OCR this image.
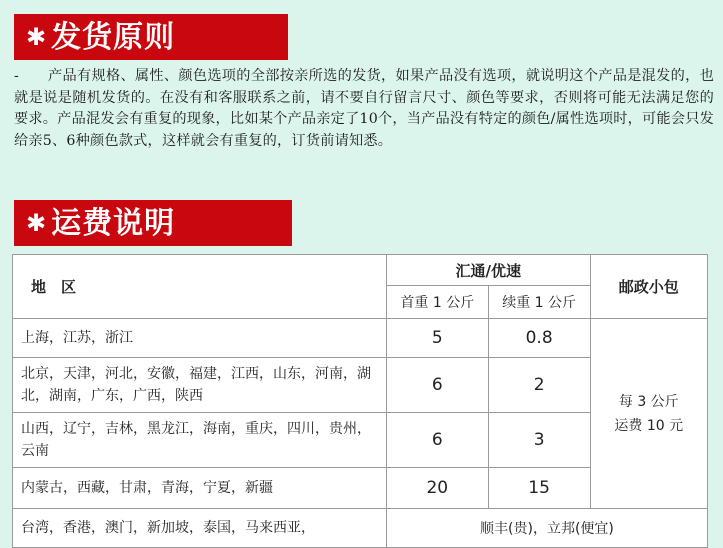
✱ 发货原则

-　　产品有规格、属性、颜色选项的全部按亲所选的发货，如果产品没有选项，就说明这个产品是混发的，也就是说是随机发货的。在没有和客服联系之前，请不要自行留言尺寸、颜色等要求，否则将可能无法满足您的要求。产品混发会有重复的现象，比如某个产品亲定了10个，当产品没有特定的颜色/属性选项时，可能会只发给亲5、6种颜色款式，这样就会有重复的，订货前请知悉。

✱ 运费说明
地　区	汇通/优速		邮政小包
	首重 1 公斤	续重 1 公斤	
上海，江苏，浙江	5	0.8	每 3 公斤
运费 10 元
北京，天津，河北，安徽，福建，江西，山东，河南，湖北，湖南，广东，广西，陕西	6	2	
山西，辽宁，吉林，黑龙江，海南，重庆，四川，贵州，云南	6	3	
内蒙古，西藏，甘肃，青海，宁夏，新疆	20	15	
台湾，香港，澳门，新加坡，泰国，马来西亚，	顺丰(贵)，立邦(便宜)		
